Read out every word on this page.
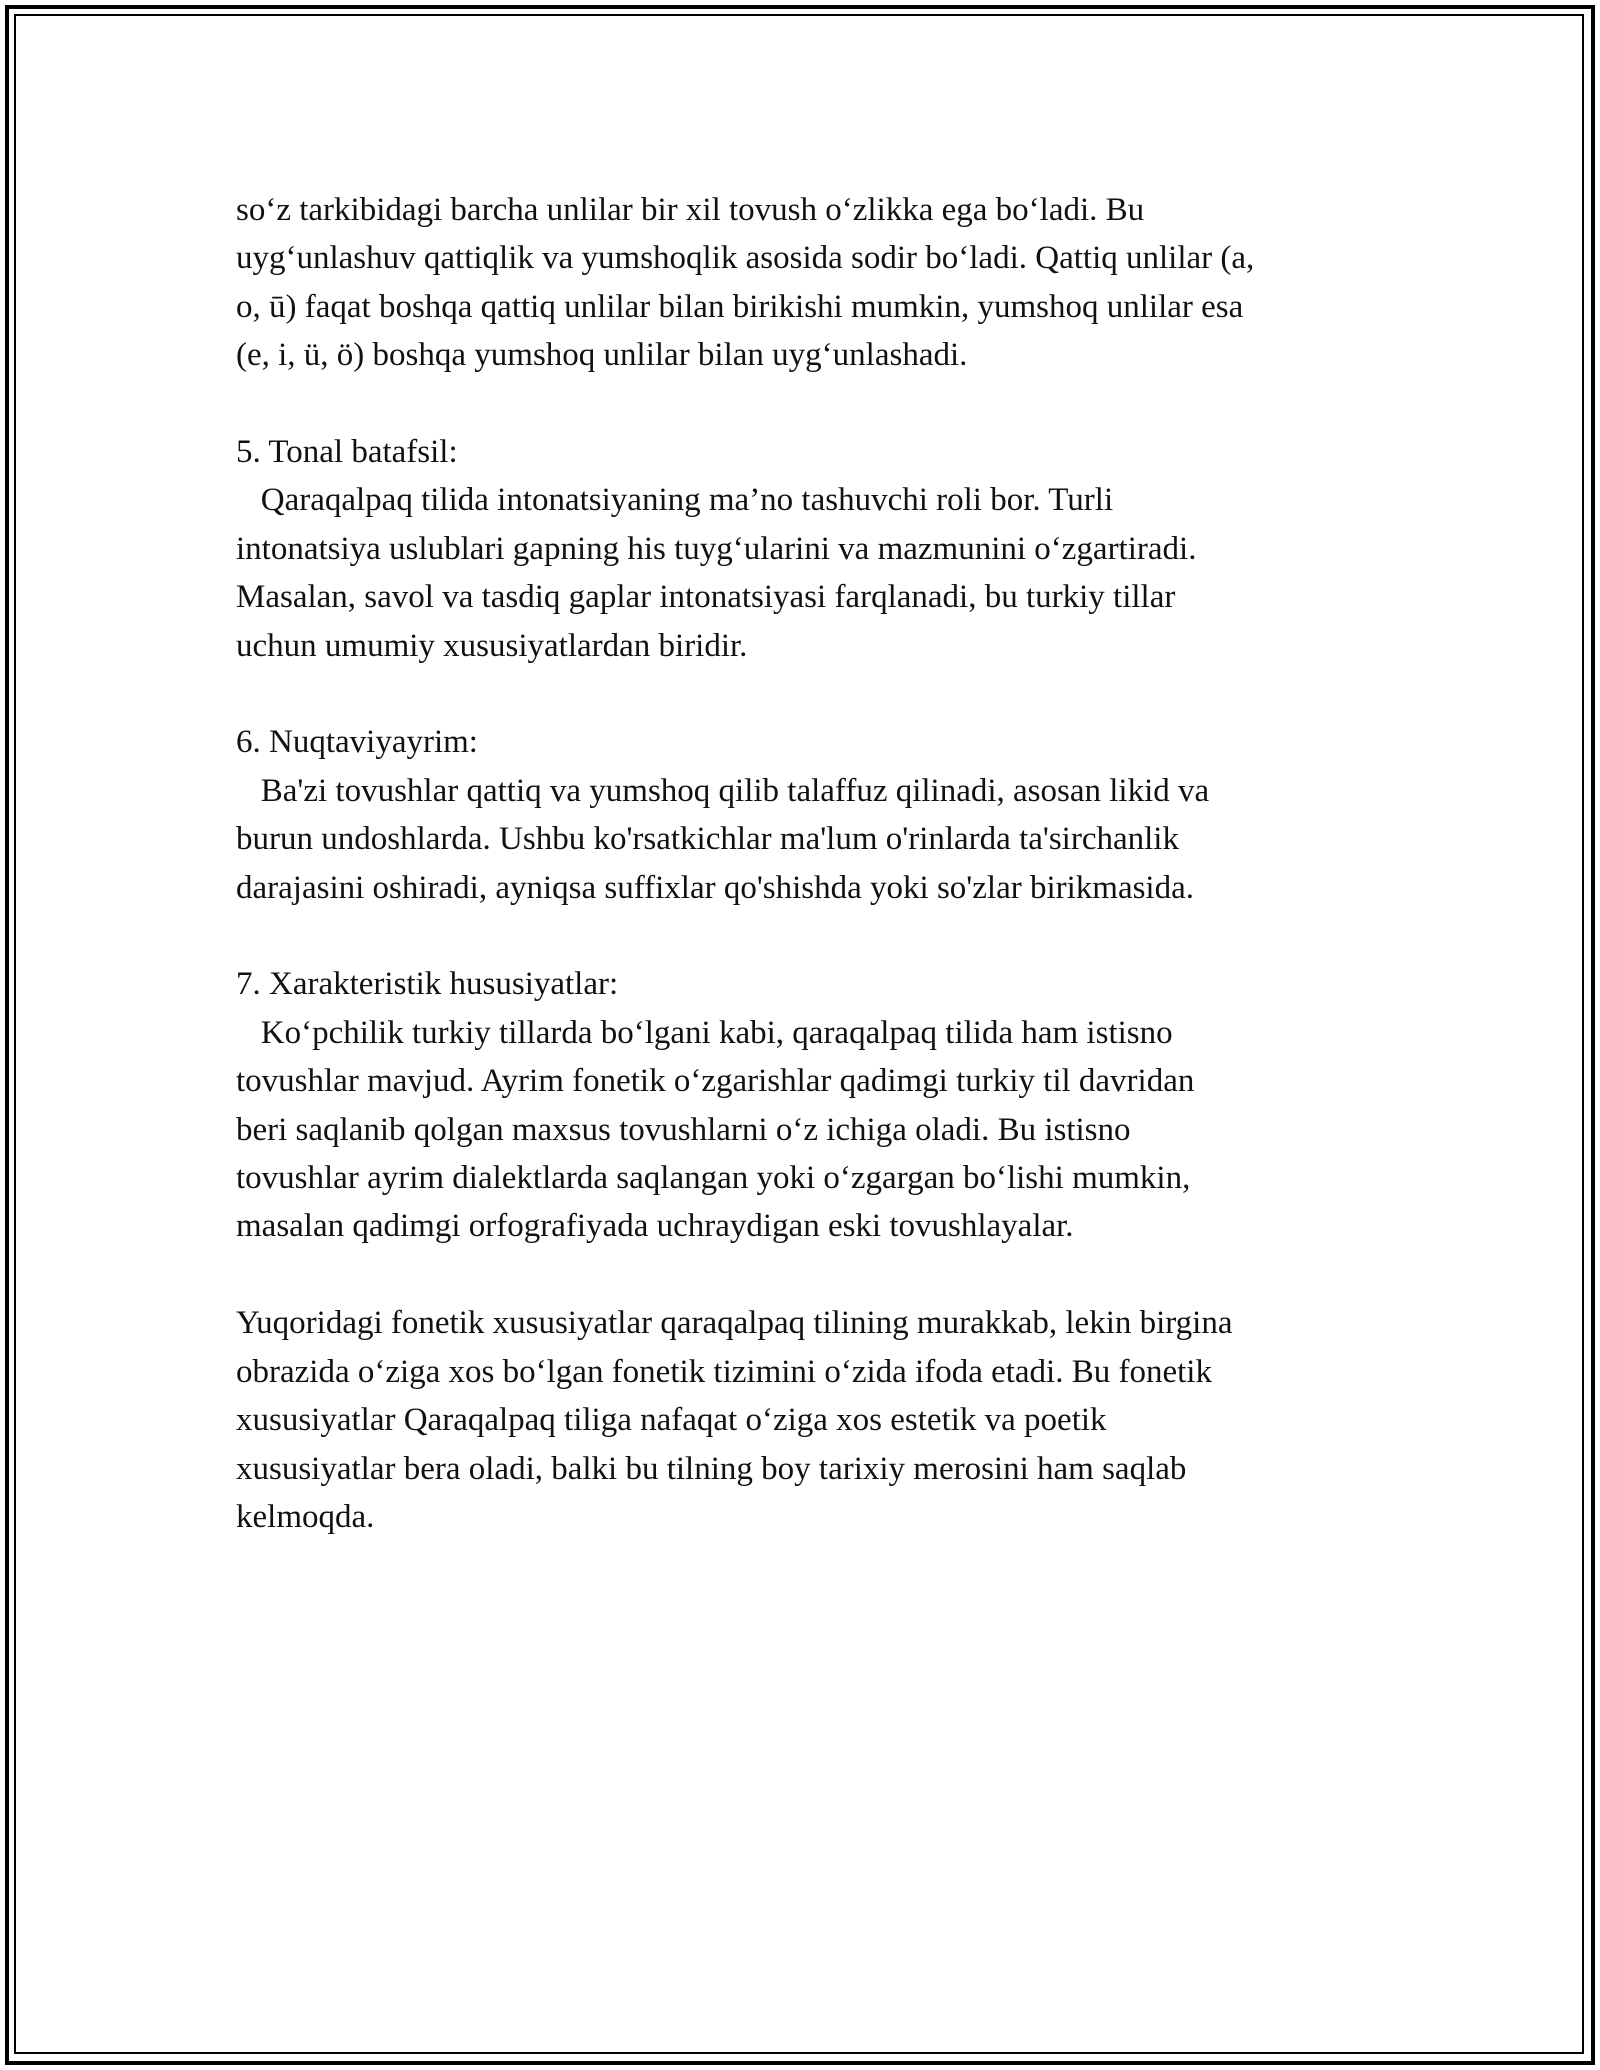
so‘z tarkibidagi barcha unlilar bir xil tovush o‘zlikka ega bo‘ladi. Bu

uyg‘unlashuv qattiqlik va yumshoqlik asosida sodir bo‘ladi. Qattiq unlilar (a,

o, ū) faqat boshqa qattiq unlilar bilan birikishi mumkin, yumshoq unlilar esa

(e, i, ü, ö) boshqa yumshoq unlilar bilan uyg‘unlashadi.

5. Tonal batafsil:

Qaraqalpaq tilida intonatsiyaning ma’no tashuvchi roli bor. Turli

intonatsiya uslublari gapning his tuyg‘ularini va mazmunini o‘zgartiradi.

Masalan, savol va tasdiq gaplar intonatsiyasi farqlanadi, bu turkiy tillar

uchun umumiy xususiyatlardan biridir.

6. Nuqtaviyayrim:

Ba'zi tovushlar qattiq va yumshoq qilib talaffuz qilinadi, asosan likid va

burun undoshlarda. Ushbu ko'rsatkichlar ma'lum o'rinlarda ta'sirchanlik

darajasini oshiradi, ayniqsa suffixlar qo'shishda yoki so'zlar birikmasida.

7. Xarakteristik hususiyatlar:

Ko‘pchilik turkiy tillarda bo‘lgani kabi, qaraqalpaq tilida ham istisno

tovushlar mavjud. Ayrim fonetik o‘zgarishlar qadimgi turkiy til davridan

beri saqlanib qolgan maxsus tovushlarni o‘z ichiga oladi. Bu istisno

tovushlar ayrim dialektlarda saqlangan yoki o‘zgargan bo‘lishi mumkin,

masalan qadimgi orfografiyada uchraydigan eski tovushlayalar.

Yuqoridagi fonetik xususiyatlar qaraqalpaq tilining murakkab, lekin birgina

obrazida o‘ziga xos bo‘lgan fonetik tizimini o‘zida ifoda etadi. Bu fonetik

xususiyatlar Qaraqalpaq tiliga nafaqat o‘ziga xos estetik va poetik

xususiyatlar bera oladi, balki bu tilning boy tarixiy merosini ham saqlab

kelmoqda.
